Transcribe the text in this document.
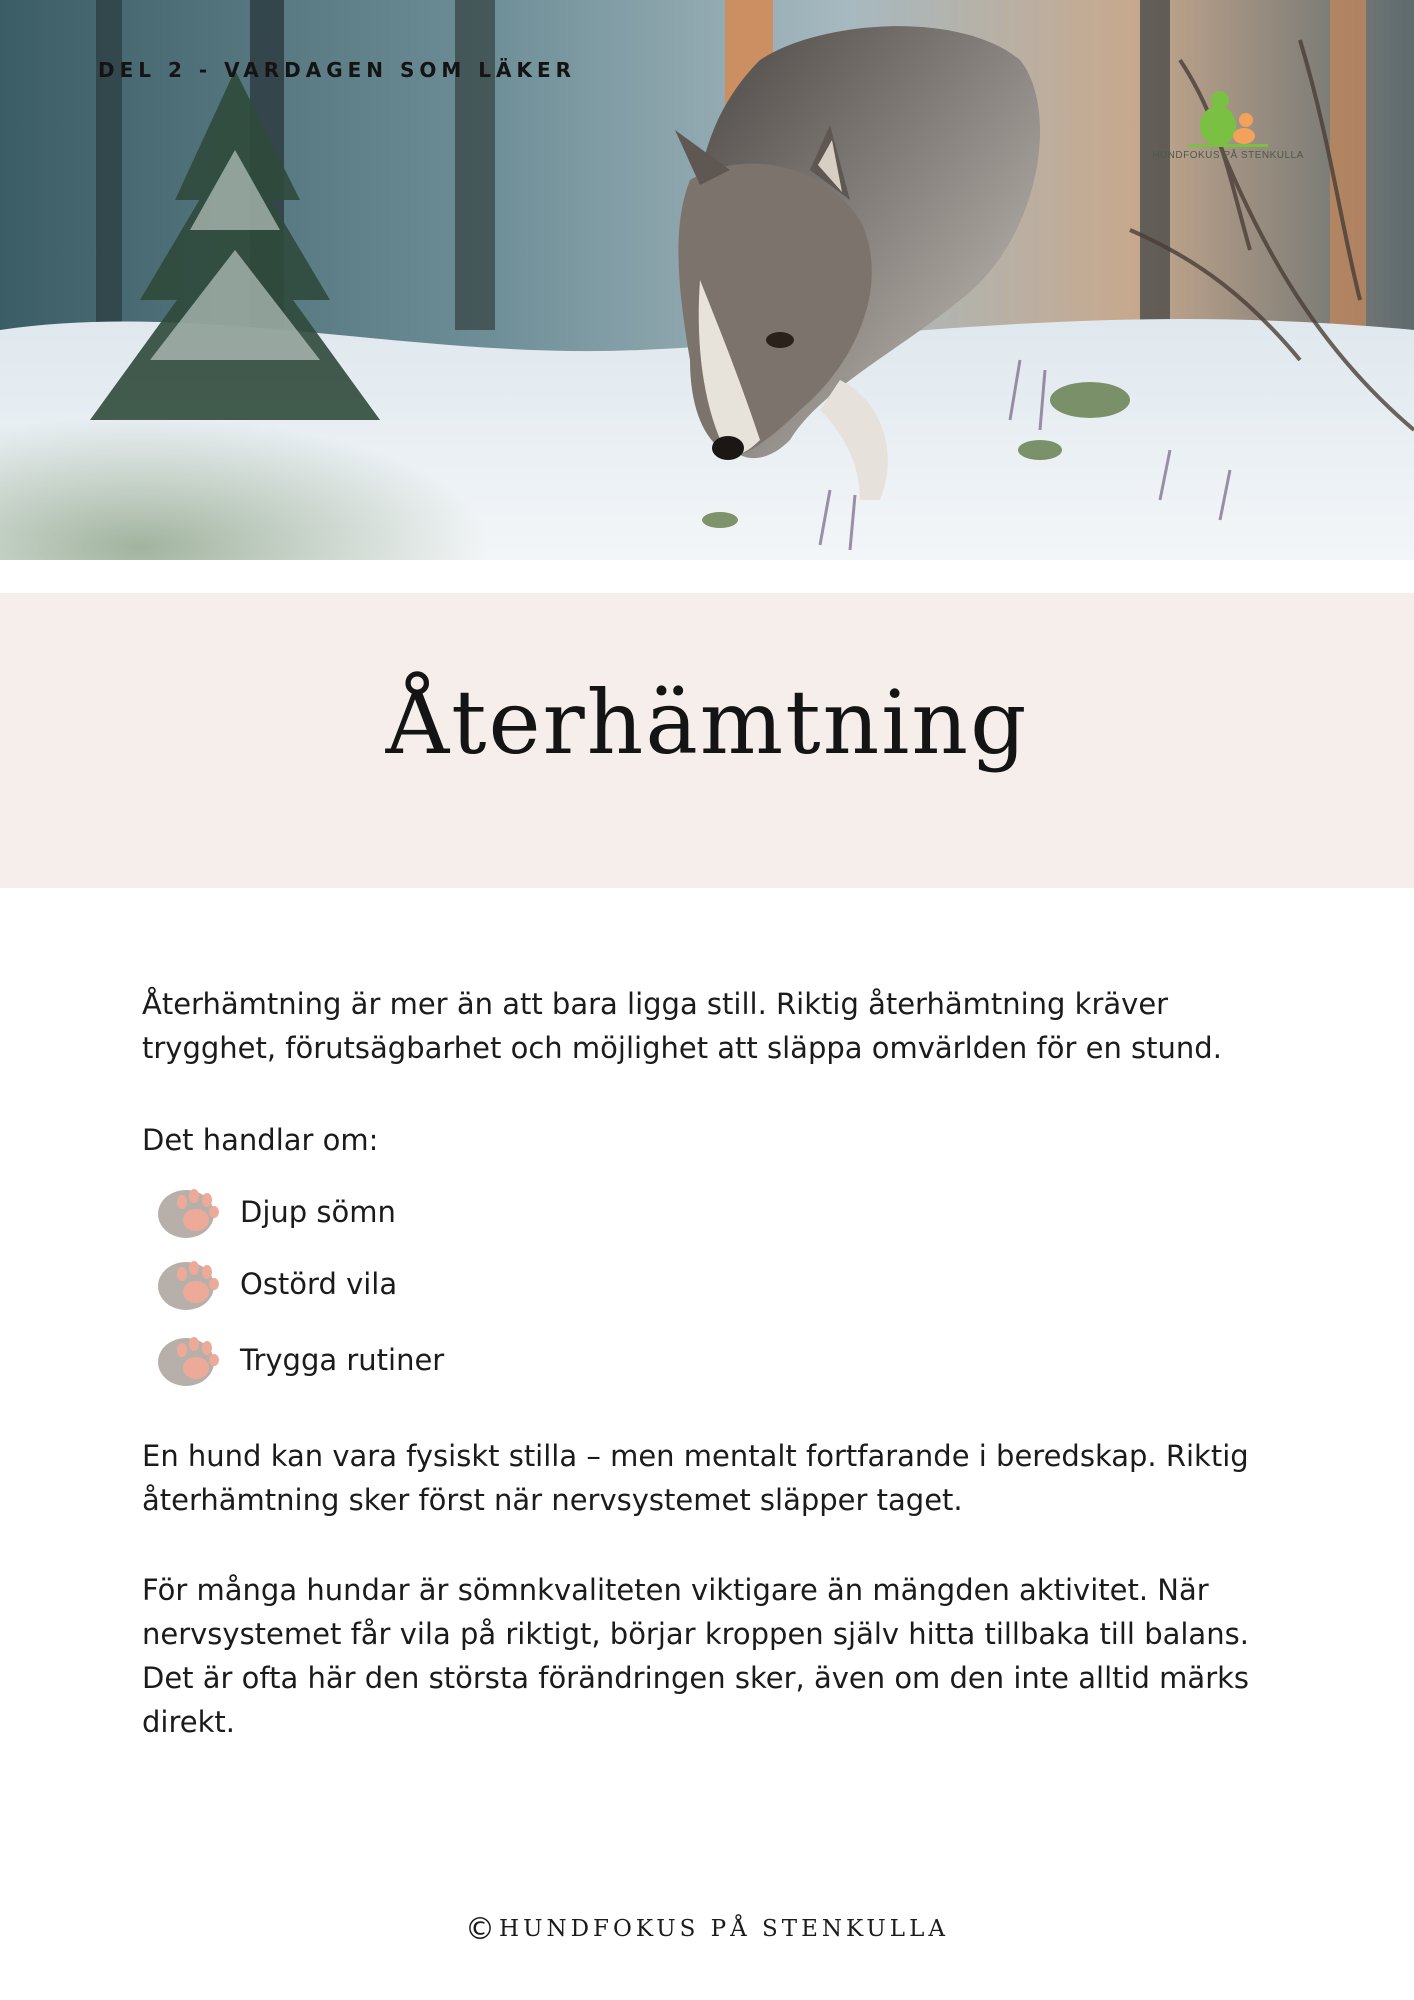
DEL 2 - VARDAGEN SOM LÄKER
HUNDFOKUS PÅ STENKULLA
Återhämtning

Återhämtning är mer än att bara ligga still. Riktig återhämtning kräver trygghet, förutsägbarhet och möjlighet att släppa omvärlden för en stund.

Det handlar om:

Djup sömn
Ostörd vila
Trygga rutiner

En hund kan vara fysiskt stilla – men mentalt fortfarande i beredskap. Riktig återhämtning sker först när nervsystemet släpper taget.

För många hundar är sömnkvaliteten viktigare än mängden aktivitet. När nervsystemet får vila på riktigt, börjar kroppen själv hitta tillbaka till balans. Det är ofta här den största förändringen sker, även om den inte alltid märks direkt.

© HUNDFOKUS PÅ STENKULLA
